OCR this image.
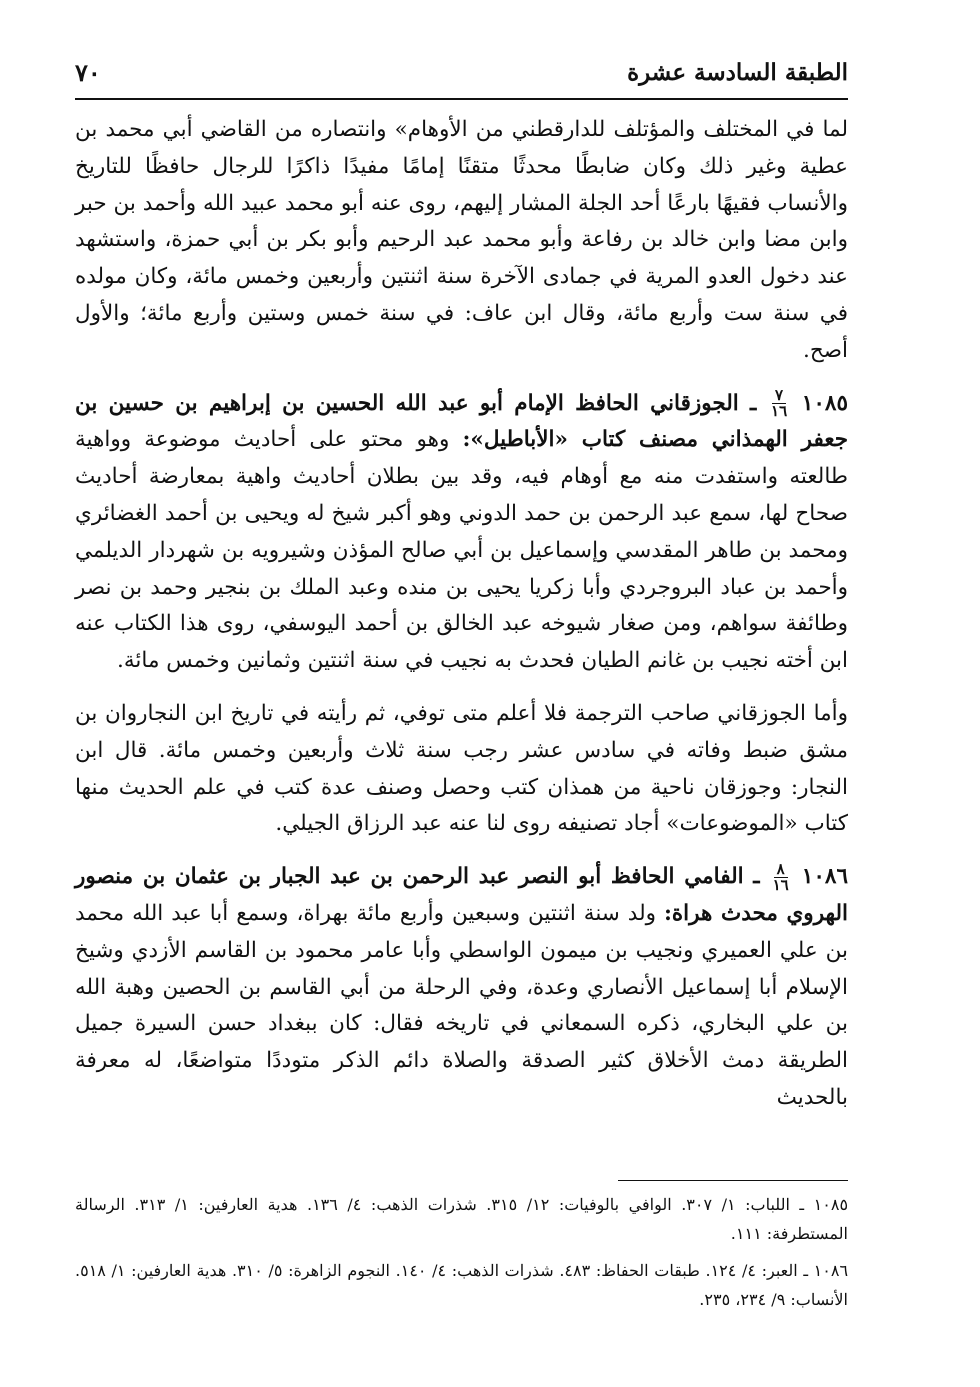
الطبقة السادسة عشرة
٧٠

لما في المختلف والمؤتلف للدارقطني من الأوهام» وانتصاره من القاضي أبي محمد بن عطية وغير ذلك وكان ضابطًا محدثًا متقنًا إمامًا مفيدًا ذاكرًا للرجال حافظًا للتاريخ والأنساب فقيهًا بارعًا أحد الجلة المشار إليهم، روى عنه أبو محمد عبيد الله وأحمد بن حبر وابن مضا وابن خالد بن رفاعة وأبو محمد عبد الرحيم وأبو بكر بن أبي حمزة، واستشهد عند دخول العدو المرية في جمادى الآخرة سنة اثنتين وأربعين وخمس مائة، وكان مولده في سنة ست وأربع مائة، وقال ابن عاف: في سنة خمس وستين وأربع مائة؛ والأول أصح.

١٠٨٥
$\frac{٧}{١٦}$
ـ الجوزقاني الحافظ الإمام أبو عبد الله الحسين بن إبراهيم بن حسين بن جعفر الهمذاني مصنف كتاب «الأباطيل»: وهو محتو على أحاديث موضوعة وواهية طالعته واستفدت منه مع أوهام فيه، وقد بين بطلان أحاديث واهية بمعارضة أحاديث صحاح لها، سمع عبد الرحمن بن حمد الدوني وهو أكبر شيخ له ويحيى بن أحمد الغضائري ومحمد بن طاهر المقدسي وإسماعيل بن أبي صالح المؤذن وشيرويه بن شهردار الديلمي وأحمد بن عباد البروجردي وأبا زكريا يحيى بن منده وعبد الملك بن بنجير وحمد بن نصر وطائفة سواهم، ومن صغار شيوخه عبد الخالق بن أحمد اليوسفي، روى هذا الكتاب عنه ابن أخته نجيب بن غانم الطيان فحدث به نجيب في سنة اثنتين وثمانين وخمس مائة.

وأما الجوزقاني صاحب الترجمة فلا أعلم متى توفي، ثم رأيته في تاريخ ابن النجاروان بن مشق ضبط وفاته في سادس عشر رجب سنة ثلاث وأربعين وخمس مائة. قال ابن النجار: وجوزقان ناحية من همذان كتب وحصل وصنف عدة كتب في علم الحديث منها كتاب «الموضوعات» أجاد تصنيفه روى لنا عنه عبد الرزاق الجيلي.

١٠٨٦
$\frac{٨}{١٦}$
ـ الفامي الحافظ أبو النصر عبد الرحمن بن عبد الجبار بن عثمان بن منصور الهروي محدث هراة: ولد سنة اثنتين وسبعين وأربع مائة بهراة، وسمع أبا عبد الله محمد بن علي العميري ونجيب بن ميمون الواسطي وأبا عامر محمود بن القاسم الأزدي وشيخ الإسلام أبا إسماعيل الأنصاري وعدة، وفي الرحلة من أبي القاسم بن الحصين وهبة الله بن علي البخاري، ذكره السمعاني في تاريخه فقال: كان ببغداد حسن السيرة جميل الطريقة دمث الأخلاق كثير الصدقة والصلاة دائم الذكر متوددًا متواضعًا، له معرفة بالحديث

١٠٨٥ ـ اللباب: ١/ ٣٠٧. الوافي بالوفيات: ١٢/ ٣١٥. شذرات الذهب: ٤/ ١٣٦. هدية العارفين: ١/ ٣١٣. الرسالة المستطرفة: ١١١.

١٠٨٦ ـ العبر: ٤/ ١٢٤. طبقات الحفاظ: ٤٨٣. شذرات الذهب: ٤/ ١٤٠. النجوم الزاهرة: ٥/ ٣١٠. هدية العارفين: ١/ ٥١٨. الأنساب: ٩/ ٢٣٤، ٢٣٥.
